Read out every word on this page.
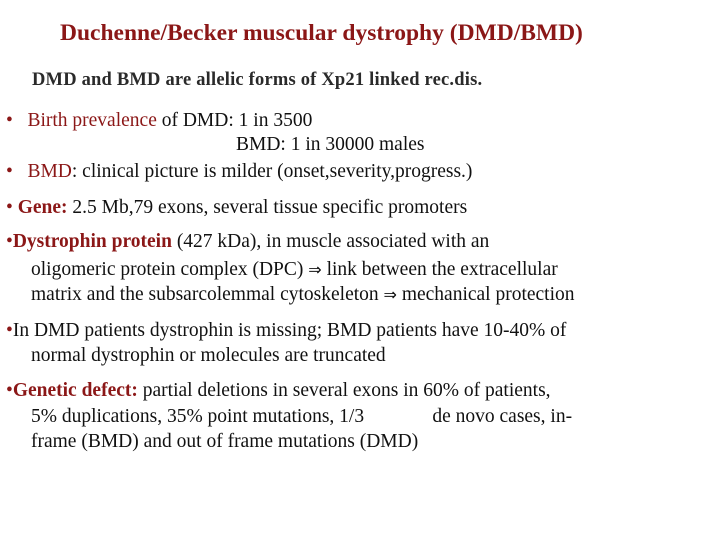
Duchenne/Becker muscular dystrophy (DMD/BMD)
DMD and BMD are allelic forms of Xp21 linked rec.dis.
• Birth prevalence of DMD: 1 in 3500
BMD: 1 in 30000 males
• BMD: clinical picture is milder (onset,severity,progress.)
• Gene: 2.5 Mb,79 exons, several tissue specific promoters
•Dystrophin protein (427 kDa), in muscle associated with an
oligomeric protein complex (DPC) ⇒ link between the extracellular
matrix and the subsarcolemmal cytoskeleton ⇒ mechanical protection
•In DMD patients dystrophin is missing; BMD patients have 10-40% of
normal dystrophin or molecules are truncated
•Genetic defect: partial deletions in several exons in 60% of patients,
5% duplications, 35% point mutations, 1/3              de novo cases, in-
frame (BMD) and out of frame mutations (DMD)
